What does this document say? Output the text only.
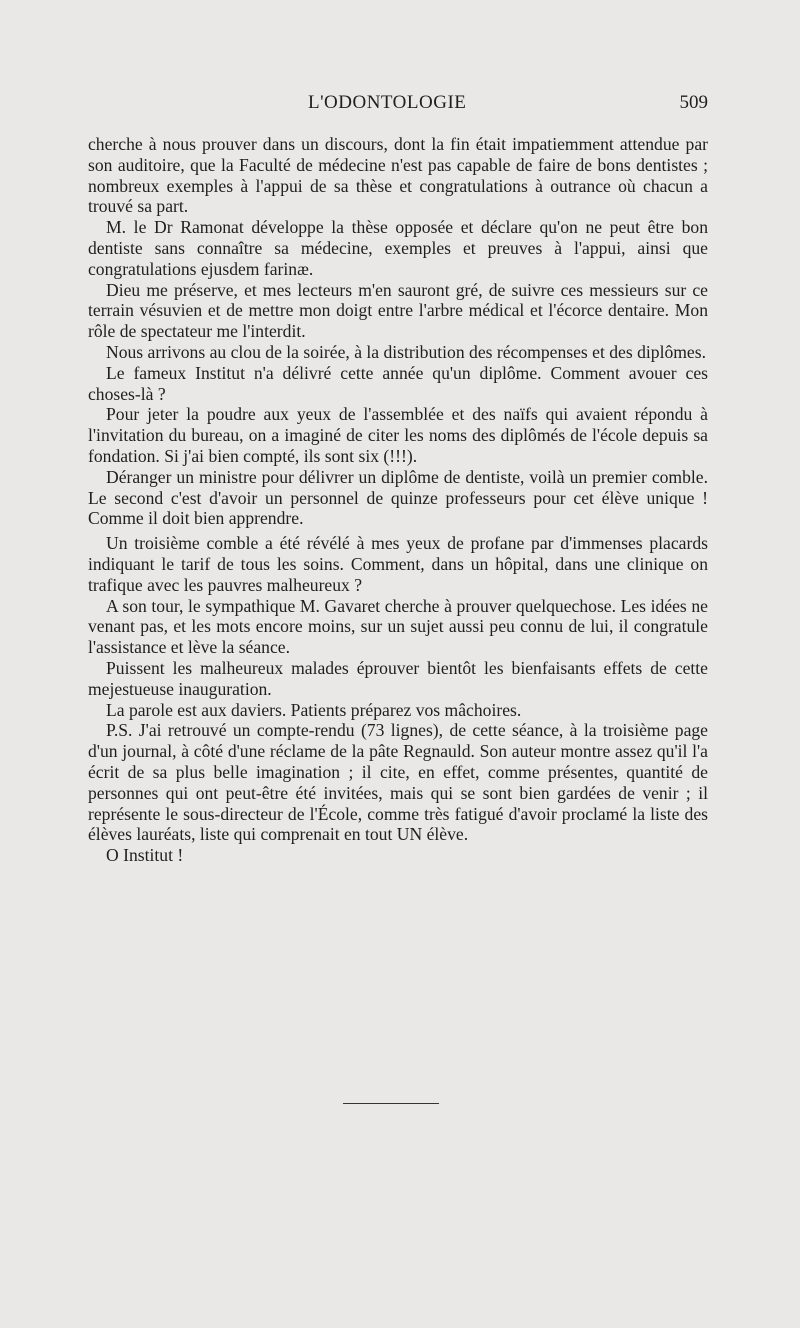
L'ODONTOLOGIE	509

cherche à nous prouver dans un discours, dont la fin était impatiemment attendue par son auditoire, que la Faculté de médecine n'est pas capable de faire de bons dentistes ; nombreux exemples à l'appui de sa thèse et congratulations à outrance où chacun a trouvé sa part.

M. le Dr Ramonat développe la thèse opposée et déclare qu'on ne peut être bon dentiste sans connaître sa médecine, exemples et preuves à l'appui, ainsi que congratulations ejusdem farinæ.

Dieu me préserve, et mes lecteurs m'en sauront gré, de suivre ces messieurs sur ce terrain vésuvien et de mettre mon doigt entre l'arbre médical et l'écorce dentaire. Mon rôle de spectateur me l'interdit.

Nous arrivons au clou de la soirée, à la distribution des récompenses et des diplômes.

Le fameux Institut n'a délivré cette année qu'un diplôme. Comment avouer ces choses-là ?

Pour jeter la poudre aux yeux de l'assemblée et des naïfs qui avaient répondu à l'invitation du bureau, on a imaginé de citer les noms des diplômés de l'école depuis sa fondation. Si j'ai bien compté, ils sont six (!!!).

Déranger un ministre pour délivrer un diplôme de dentiste, voilà un premier comble. Le second c'est d'avoir un personnel de quinze professeurs pour cet élève unique ! Comme il doit bien apprendre.

Un troisième comble a été révélé à mes yeux de profane par d'immenses placards indiquant le tarif de tous les soins. Comment, dans un hôpital, dans une clinique on trafique avec les pauvres malheureux ?

A son tour, le sympathique M. Gavaret cherche à prouver quelquechose. Les idées ne venant pas, et les mots encore moins, sur un sujet aussi peu connu de lui, il congratule l'assistance et lève la séance.

Puissent les malheureux malades éprouver bientôt les bienfaisants effets de cette mejestueuse inauguration.

La parole est aux daviers. Patients préparez vos mâchoires.

P.S. J'ai retrouvé un compte-rendu (73 lignes), de cette séance, à la troisième page d'un journal, à côté d'une réclame de la pâte Regnauld. Son auteur montre assez qu'il l'a écrit de sa plus belle imagination ; il cite, en effet, comme présentes, quantité de personnes qui ont peut-être été invitées, mais qui se sont bien gardées de venir ; il représente le sous-directeur de l'École, comme très fatigué d'avoir proclamé la liste des élèves lauréats, liste qui comprenait en tout UN élève.

O Institut !
